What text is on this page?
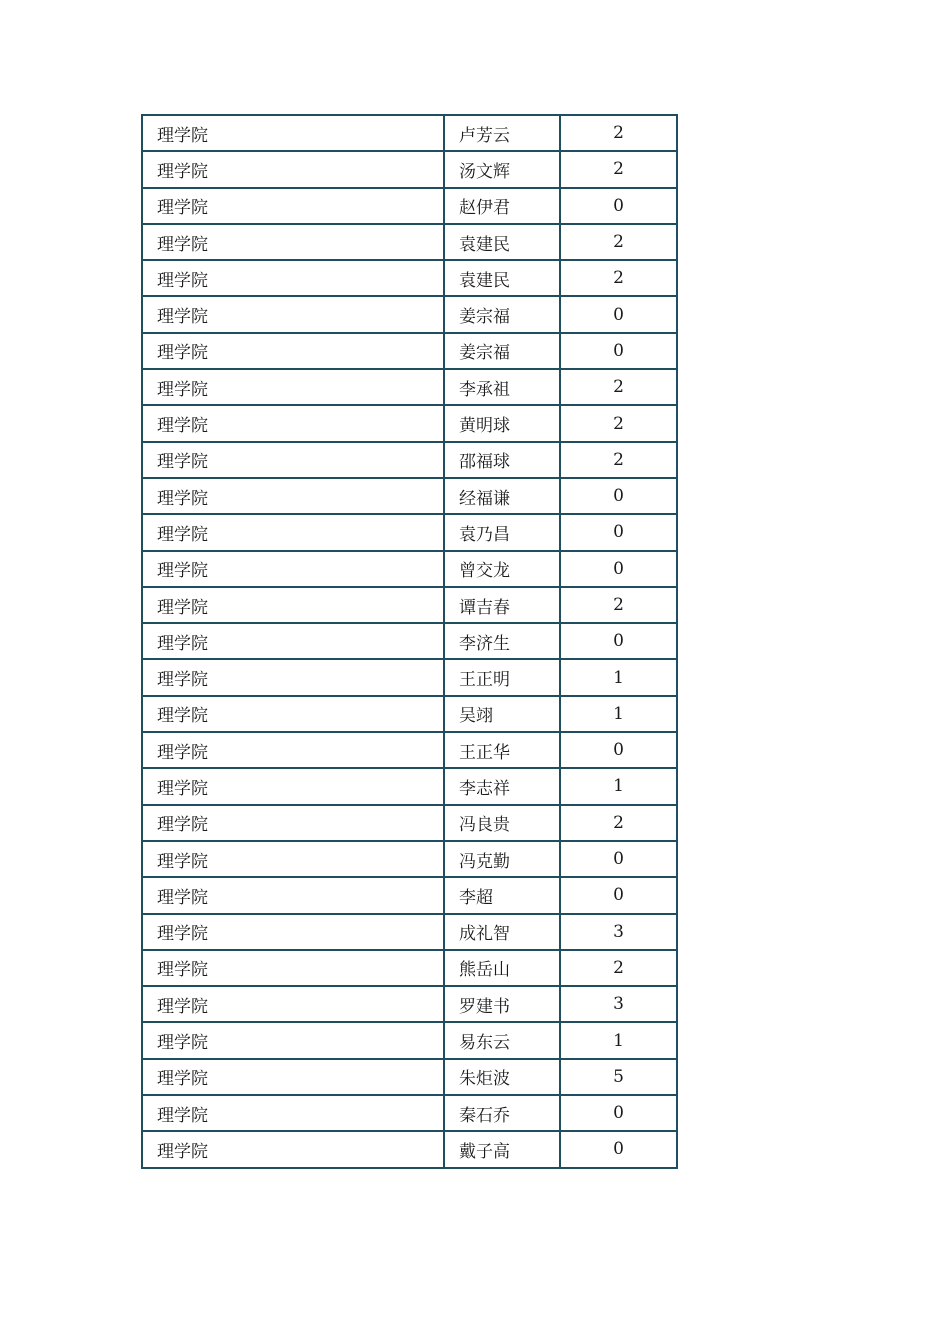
理学院	卢芳云	2
理学院	汤文辉	2
理学院	赵伊君	0
理学院	袁建民	2
理学院	袁建民	2
理学院	姜宗福	0
理学院	姜宗福	0
理学院	李承祖	2
理学院	黄明球	2
理学院	邵福球	2
理学院	经福谦	0
理学院	袁乃昌	0
理学院	曾交龙	0
理学院	谭吉春	2
理学院	李济生	0
理学院	王正明	1
理学院	吴翊	1
理学院	王正华	0
理学院	李志祥	1
理学院	冯良贵	2
理学院	冯克勤	0
理学院	李超	0
理学院	成礼智	3
理学院	熊岳山	2
理学院	罗建书	3
理学院	易东云	1
理学院	朱炬波	5
理学院	秦石乔	0
理学院	戴子高	0
